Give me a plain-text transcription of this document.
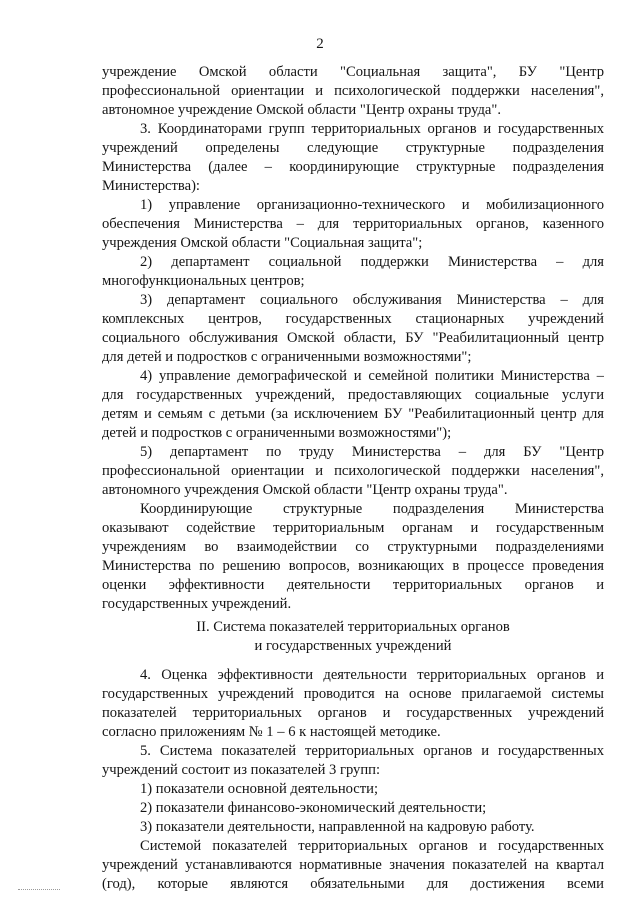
2
учреждение Омской области "Социальная защита", БУ "Центр
профессиональной ориентации и психологической поддержки населения",
автономное учреждение Омской области "Центр охраны труда".
3. Координаторами групп территориальных органов и государственных
учреждений определены следующие структурные подразделения
Министерства (далее – координирующие структурные подразделения
Министерства):
1) управление организационно-технического и мобилизационного
обеспечения Министерства – для территориальных органов, казенного
учреждения Омской области "Социальная защита";
2) департамент социальной поддержки Министерства – для
многофункциональных центров;
3) департамент социального обслуживания Министерства – для
комплексных центров, государственных стационарных учреждений
социального обслуживания Омской области, БУ "Реабилитационный центр
для детей и подростков с ограниченными возможностями";
4) управление демографической и семейной политики Министерства –
для государственных учреждений, предоставляющих социальные услуги
детям и семьям с детьми (за исключением БУ "Реабилитационный центр для
детей и подростков с ограниченными возможностями");
5) департамент по труду Министерства – для БУ "Центр
профессиональной ориентации и психологической поддержки населения",
автономного учреждения Омской области "Центр охраны труда".
Координирующие структурные подразделения Министерства
оказывают содействие территориальным органам и государственным
учреждениям во взаимодействии со структурными подразделениями
Министерства по решению вопросов, возникающих в процессе проведения
оценки эффективности деятельности территориальных органов и
государственных учреждений.
II. Система показателей территориальных органов
и государственных учреждений
4. Оценка эффективности деятельности территориальных органов и
государственных учреждений проводится на основе прилагаемой системы
показателей территориальных органов и государственных учреждений
согласно приложениям № 1 – 6 к настоящей методике.
5. Система показателей территориальных органов и государственных
учреждений состоит из показателей 3 групп:
1) показатели основной деятельности;
2) показатели финансово-экономический деятельности;
3) показатели деятельности, направленной на кадровую работу.
Системой показателей территориальных органов и государственных
учреждений устанавливаются нормативные значения показателей на квартал
(год), которые являются обязательными для достижения всеми
